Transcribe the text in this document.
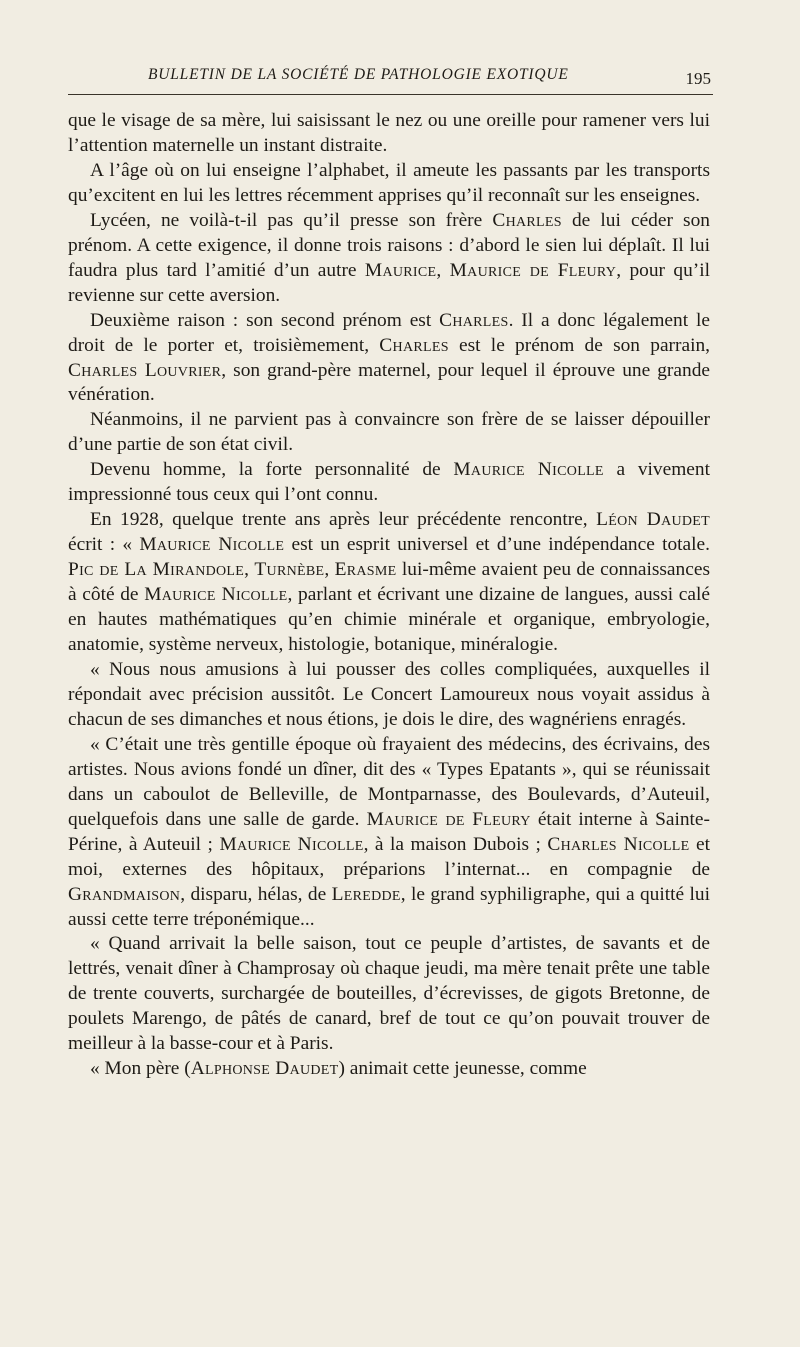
BULLETIN DE LA SOCIÉTÉ DE PATHOLOGIE EXOTIQUE	195

que le visage de sa mère, lui saisissant le nez ou une oreille pour ramener vers lui l’attention maternelle un instant distraite.

A l’âge où on lui enseigne l’alphabet, il ameute les passants par les transports qu’excitent en lui les lettres récemment apprises qu’il reconnaît sur les enseignes.

Lycéen, ne voilà-t-il pas qu’il presse son frère Charles de lui céder son prénom. A cette exigence, il donne trois raisons : d’abord le sien lui déplaît. Il lui faudra plus tard l’amitié d’un autre Maurice, Maurice de Fleury, pour qu’il revienne sur cette aversion.

Deuxième raison : son second prénom est Charles. Il a donc légalement le droit de le porter et, troisièmement, Charles est le prénom de son parrain, Charles Louvrier, son grand-père maternel, pour lequel il éprouve une grande vénération.

Néanmoins, il ne parvient pas à convaincre son frère de se laisser dépouiller d’une partie de son état civil.

Devenu homme, la forte personnalité de Maurice Nicolle a vivement impressionné tous ceux qui l’ont connu.

En 1928, quelque trente ans après leur précédente rencontre, Léon Daudet écrit : « Maurice Nicolle est un esprit universel et d’une indépendance totale. Pic de La Mirandole, Turnèbe, Erasme lui-même avaient peu de connaissances à côté de Maurice Nicolle, parlant et écrivant une dizaine de langues, aussi calé en hautes mathématiques qu’en chimie minérale et organique, embryologie, anatomie, système nerveux, histologie, botanique, minéralogie.

« Nous nous amusions à lui pousser des colles compliquées, auxquelles il répondait avec précision aussitôt. Le Concert Lamoureux nous voyait assidus à chacun de ses dimanches et nous étions, je dois le dire, des wagnériens enragés.

« C’était une très gentille époque où frayaient des médecins, des écrivains, des artistes. Nous avions fondé un dîner, dit des « Types Epatants », qui se réunissait dans un caboulot de Belleville, de Montparnasse, des Boulevards, d’Auteuil, quelquefois dans une salle de garde. Maurice de Fleury était interne à Sainte-Périne, à Auteuil ; Maurice Nicolle, à la maison Dubois ; Charles Nicolle et moi, externes des hôpitaux, préparions l’internat... en compagnie de Grandmaison, disparu, hélas, de Leredde, le grand syphiligraphe, qui a quitté lui aussi cette terre tréponémique...

« Quand arrivait la belle saison, tout ce peuple d’artistes, de savants et de lettrés, venait dîner à Champrosay où chaque jeudi, ma mère tenait prête une table de trente couverts, surchargée de bouteilles, d’écrevisses, de gigots Bretonne, de poulets Marengo, de pâtés de canard, bref de tout ce qu’on pouvait trouver de meilleur à la basse-cour et à Paris.

« Mon père (Alphonse Daudet) animait cette jeunesse, comme
